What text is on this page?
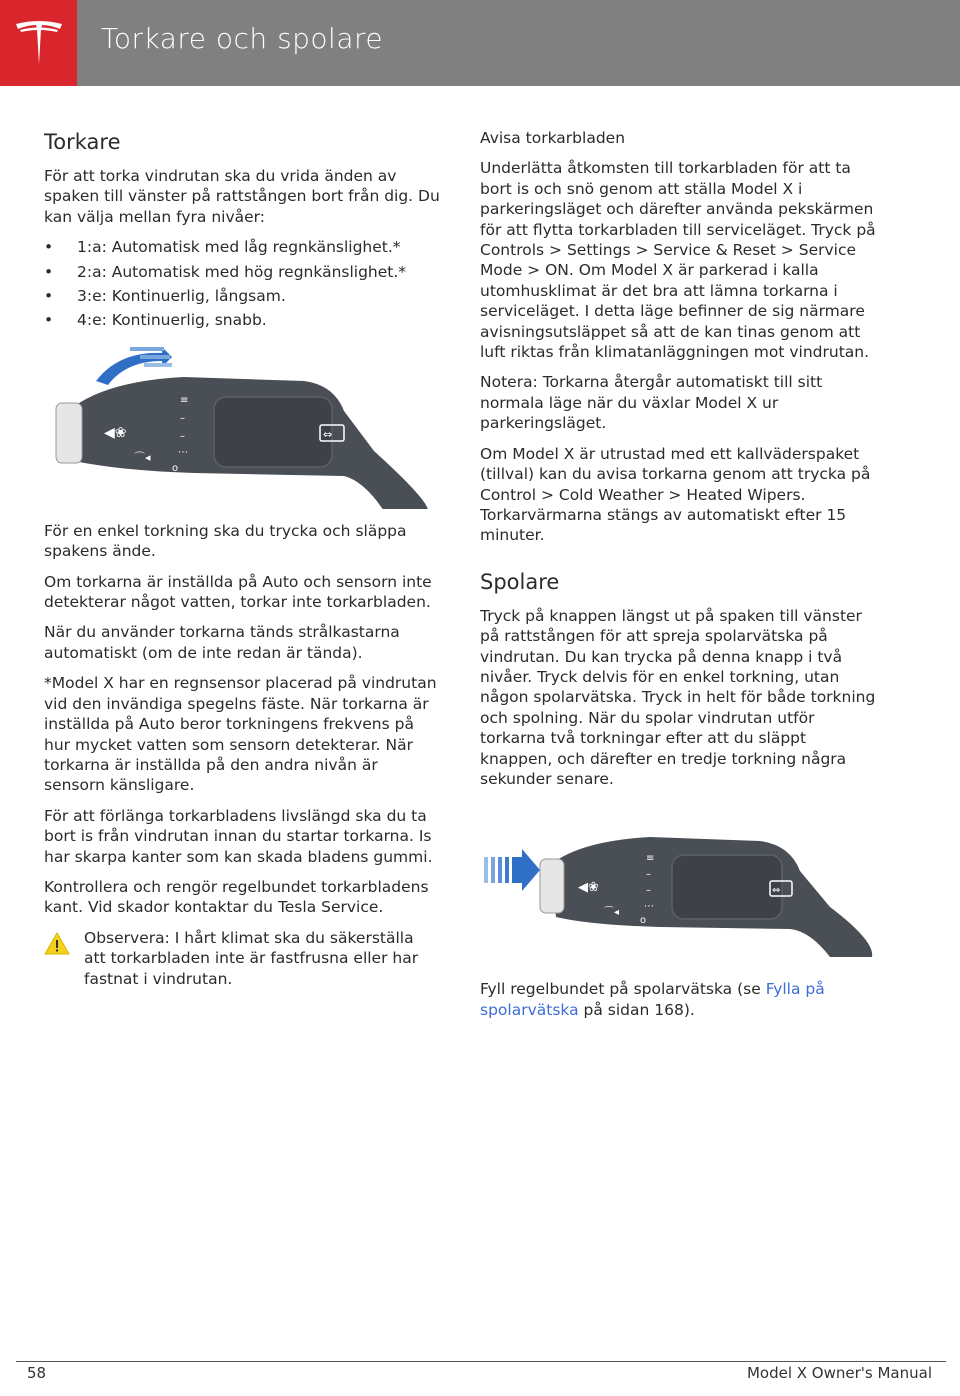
Torkare och spolare
Torkare

För att torka vindrutan ska du vrida änden av spaken till vänster på rattstången bort från dig. Du kan välja mellan fyra nivåer:

• 1:a: Automatisk med låg regnkänslighet.*
• 2:a: Automatisk med hög regnkänslighet.*
• 3:e: Kontinuerlig, långsam.
• 4:e: Kontinuerlig, snabb.
◀❀
⌒◂
≡
–
–
⋯
o
⇔

För en enkel torkning ska du trycka och släppa spakens ände.

Om torkarna är inställda på Auto och sensorn inte detekterar något vatten, torkar inte torkarbladen.

När du använder torkarna tänds strålkastarna automatiskt (om de inte redan är tända).

*Model X har en regnsensor placerad på vindrutan vid den invändiga spegelns fäste. När torkarna är inställda på Auto beror torkningens frekvens på hur mycket vatten som sensorn detekterar. När torkarna är inställda på den andra nivån är sensorn känsligare.

För att förlänga torkarbladens livslängd ska du ta bort is från vindrutan innan du startar torkarna. Is har skarpa kanter som kan skada bladens gummi.

Kontrollera och rengör regelbundet torkarbladens kant. Vid skador kontaktar du Tesla Service.

Observera: I hårt klimat ska du säkerställa att torkarbladen inte är fastfrusna eller har fastnat i vindrutan.

Avisa torkarbladen

Underlätta åtkomsten till torkarbladen för att ta bort is och snö genom att ställa Model X i parkeringsläget och därefter använda pekskärmen för att flytta torkarbladen till serviceläget. Tryck på Controls > Settings > Service & Reset > Service Mode > ON. Om Model X är parkerad i kalla utomhusklimat är det bra att lämna torkarna i serviceläget. I detta läge befinner de sig närmare avisningsutsläppet så att de kan tinas genom att luft riktas från klimatanläggningen mot vindrutan.

Notera: Torkarna återgår automatiskt till sitt normala läge när du växlar Model X ur parkeringsläget.

Om Model X är utrustad med ett kallväderspaket (tillval) kan du avisa torkarna genom att trycka på Control > Cold Weather > Heated Wipers. Torkarvärmarna stängs av automatiskt efter 15 minuter.

Spolare

Tryck på knappen längst ut på spaken till vänster på rattstången för att spreja spolarvätska på vindrutan. Du kan trycka på denna knapp i två nivåer. Tryck delvis för en enkel torkning, utan någon spolarvätska. Tryck in helt för både torkning och spolning. När du spolar vindrutan utför torkarna två torkningar efter att du släppt knappen, och därefter en tredje torkning några sekunder senare.

◀❀
⌒◂
≡
–
–
⋯
o
⇔

Fyll regelbundet på spolarvätska (se Fylla på spolarvätska på sidan 168).

58	Model X Owner's Manual
